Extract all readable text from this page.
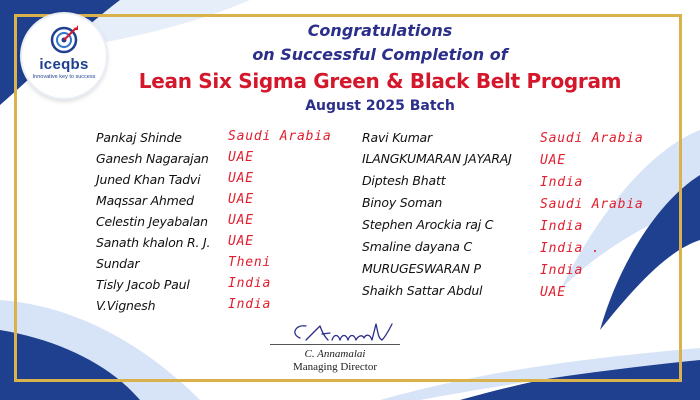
iceqbs
Innovative key to success
Congratulations
on Successful Completion of
Lean Six Sigma Green & Black Belt Program
August 2025 Batch
Pankaj Shinde	Saudi Arabia
Ganesh Nagarajan UAE
Juned Khan Tadvi UAE
Maqssar Ahmed	UAE
Celestin Jeyabalan UAE
Sanath khalon R. J. UAE
Sundar	Theni
Tisly Jacob Paul	India
V.Vignesh	India
Ravi Kumar	Saudi Arabia
ILANGKUMARAN JAYARAJ UAE
Diptesh Bhatt	India
Binoy Soman	Saudi Arabia
Stephen Arockia raj C	India
Smaline dayana C	India .
MURUGESWARAN P	India
Shaikh Sattar Abdul	UAE
C. Annamalai
Managing Director
